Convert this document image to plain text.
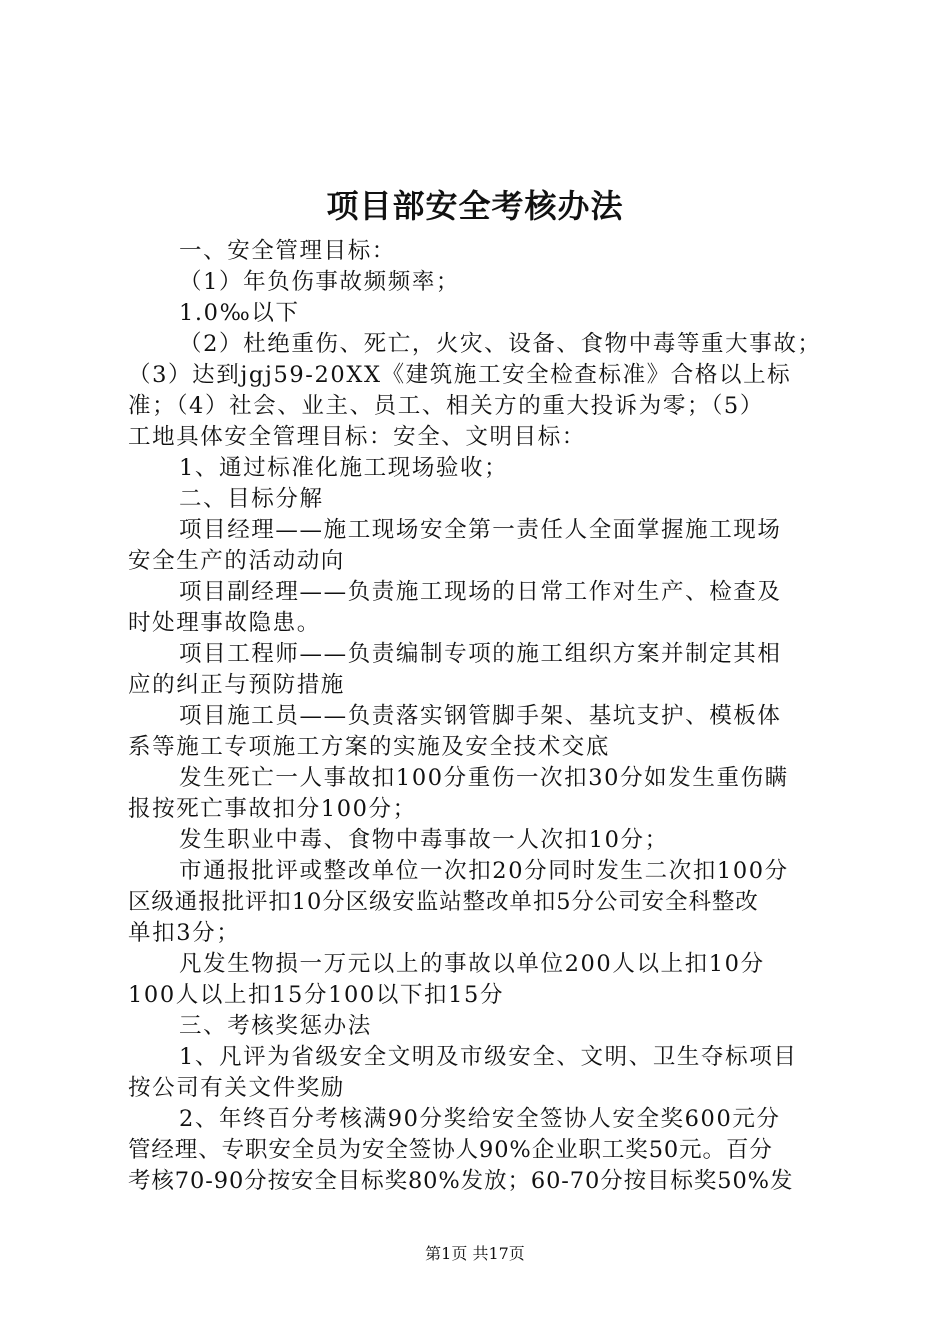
项目部安全考核办法
一、安全管理目标：
（1）年负伤事故频频率；
1.0‰以下
（2）杜绝重伤、死亡，火灾、设备、食物中毒等重大事故；
（3）达到jgj59-20XX《建筑施工安全检查标准》合格以上标
准；（4）社会、业主、员工、相关方的重大投诉为零；（5）
工地具体安全管理目标：安全、文明目标：
1、通过标准化施工现场验收；
二、目标分解
项目经理——施工现场安全第一责任人全面掌握施工现场
安全生产的活动动向
项目副经理——负责施工现场的日常工作对生产、检查及
时处理事故隐患。
项目工程师——负责编制专项的施工组织方案并制定其相
应的纠正与预防措施
项目施工员——负责落实钢管脚手架、基坑支护、模板体
系等施工专项施工方案的实施及安全技术交底
发生死亡一人事故扣100分重伤一次扣30分如发生重伤瞒
报按死亡事故扣分100分；
发生职业中毒、食物中毒事故一人次扣10分；
市通报批评或整改单位一次扣20分同时发生二次扣100分
区级通报批评扣10分区级安监站整改单扣5分公司安全科整改
单扣3分；
凡发生物损一万元以上的事故以单位200人以上扣10分
100人以上扣15分100以下扣15分
三、考核奖惩办法
1、凡评为省级安全文明及市级安全、文明、卫生夺标项目
按公司有关文件奖励
2、年终百分考核满90分奖给安全签协人安全奖600元分
管经理、专职安全员为安全签协人90%企业职工奖50元。百分
考核70-90分按安全目标奖80%发放；60-70分按目标奖50%发
第1页 共17页
